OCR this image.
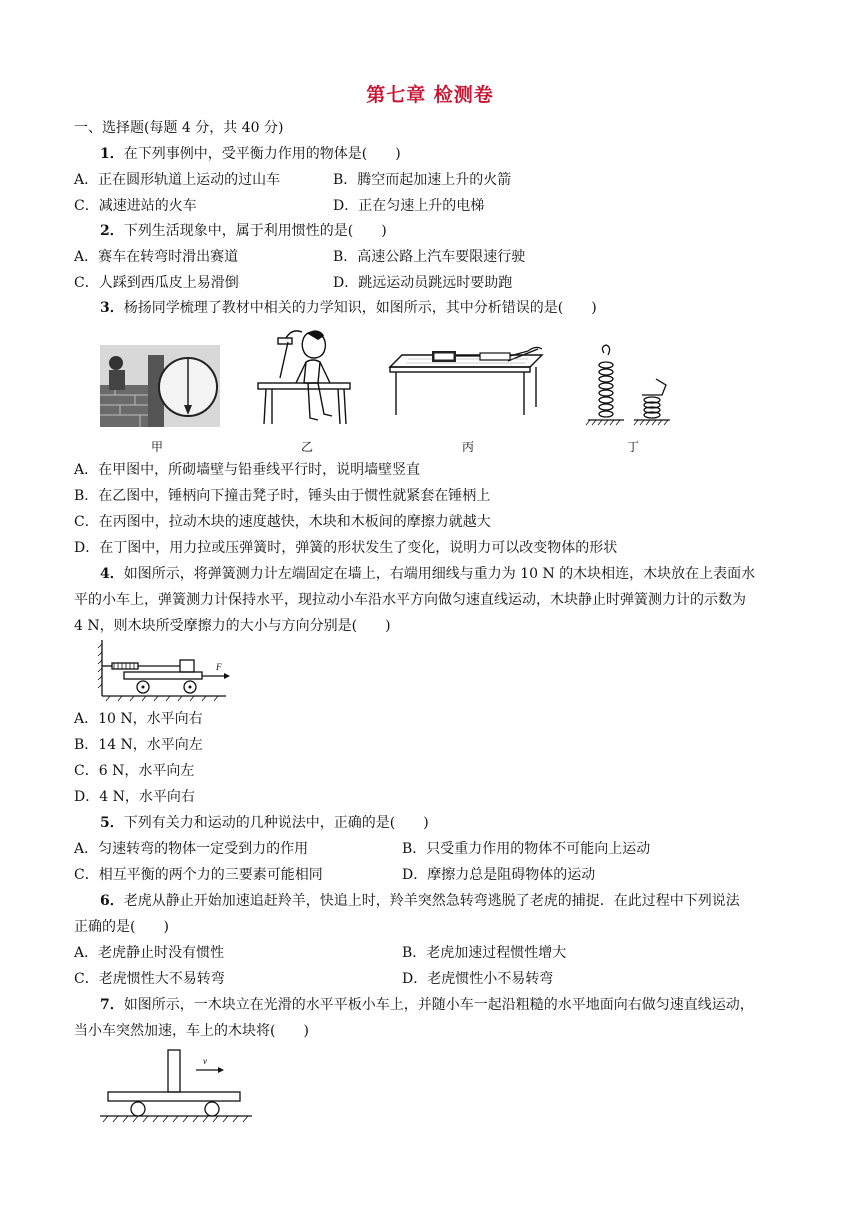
第七章 检测卷
一、选择题(每题 4 分，共 40 分)
1．在下列事例中，受平衡力作用的物体是(　　)
A．正在圆形轨道上运动的过山车	B．腾空而起加速上升的火箭
C．减速进站的火车	D．正在匀速上升的电梯
2．下列生活现象中，属于利用惯性的是(　　)
A．赛车在转弯时滑出赛道	B．高速公路上汽车要限速行驶
C．人踩到西瓜皮上易滑倒	D．跳远运动员跳远时要助跑
3．杨扬同学梳理了教材中相关的力学知识，如图所示，其中分析错误的是(　　)
甲	乙	丙	丁
A．在甲图中，所砌墙壁与铅垂线平行时，说明墙壁竖直
B．在乙图中，锤柄向下撞击凳子时，锤头由于惯性就紧套在锤柄上
C．在丙图中，拉动木块的速度越快，木块和木板间的摩擦力就越大
D．在丁图中，用力拉或压弹簧时，弹簧的形状发生了变化，说明力可以改变物体的形状
4．如图所示，将弹簧测力计左端固定在墙上，右端用细线与重力为 10 N 的木块相连，木块放在上表面水
平的小车上，弹簧测力计保持水平，现拉动小车沿水平方向做匀速直线运动，木块静止时弹簧测力计的示数为
4 N，则木块所受摩擦力的大小与方向分别是(　　)
F
A．10 N，水平向右
B．14 N，水平向左
C．6 N，水平向左
D．4 N，水平向右
5．下列有关力和运动的几种说法中，正确的是(　　)
A．匀速转弯的物体一定受到力的作用	B．只受重力作用的物体不可能向上运动
C．相互平衡的两个力的三要素可能相同	D．摩擦力总是阻碍物体的运动
6．老虎从静止开始加速追赶羚羊，快追上时，羚羊突然急转弯逃脱了老虎的捕捉．在此过程中下列说法
正确的是(　　)
A．老虎静止时没有惯性	B．老虎加速过程惯性增大
C．老虎惯性大不易转弯	D．老虎惯性小不易转弯
7．如图所示，一木块立在光滑的水平平板小车上，并随小车一起沿粗糙的水平地面向右做匀速直线运动，
当小车突然加速，车上的木块将(　　)
v
